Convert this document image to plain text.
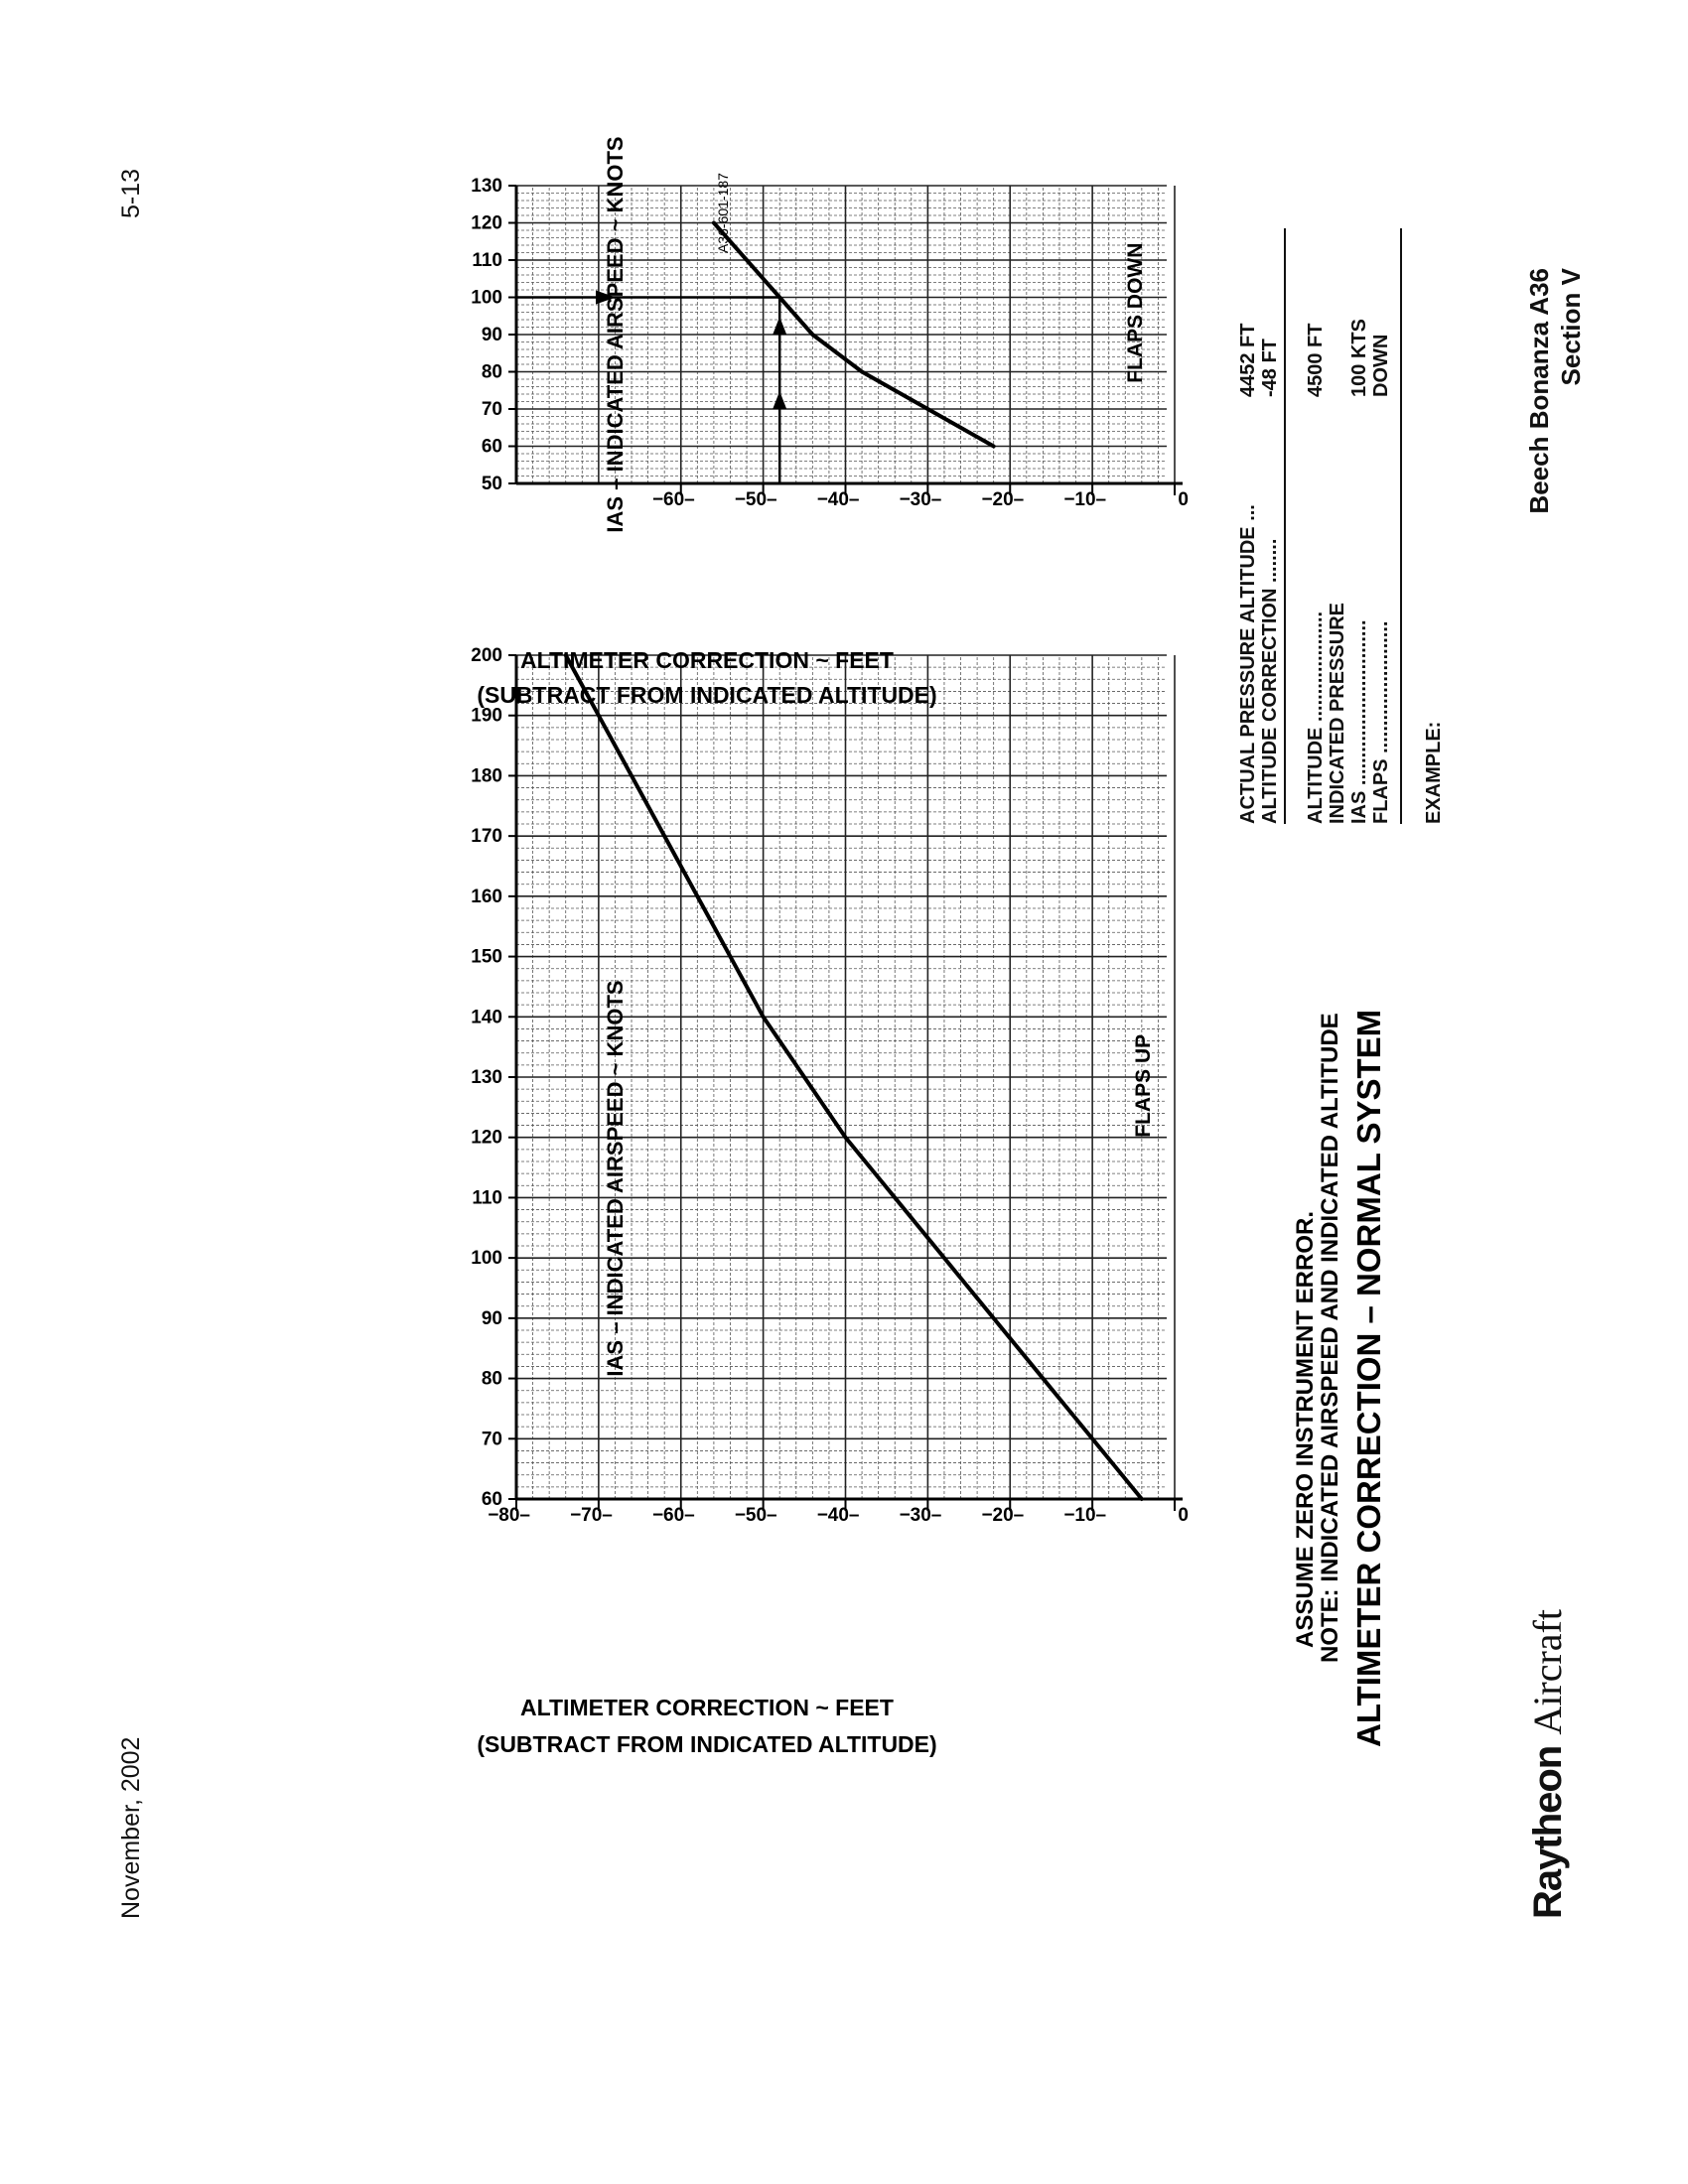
Raytheon Aircraft
Beech Bonanza A36 Section V
November, 2002
5-13
EXAMPLE:
FLAPS ........................
DOWN
IAS ..............................
100 KTS
INDICATED PRESSURE
ALTITUDE ....................
4500 FT
ALTITUDE CORRECTION ........
-48 FT
ACTUAL PRESSURE ALTITUDE ...
4452 FT
60
70
80
90
100
110
120
130
140
150
160
170
180
190
200
0
−10–
−20–
−30–
−40–
−50–
−60–
−70–
−80–
FLAPS UP
50
60
70
80
90
100
110
120
130
0
−10–
−20–
−30–
−40–
−50–
−60–
FLAPS DOWN
ALTIMETER CORRECTION – NORMAL SYSTEM
NOTE: INDICATED AIRSPEED AND INDICATED ALTITUDE
ASSUME ZERO INSTRUMENT ERROR.
ALTIMETER CORRECTION ~ FEET
(SUBTRACT FROM INDICATED ALTITUDE)
IAS – INDICATED AIRSPEED ~ KNOTS
ALTIMETER CORRECTION ~ FEET
(SUBTRACT FROM INDICATED ALTITUDE)
IAS – INDICATED AIRSPEED ~ KNOTS	A36-601-187
